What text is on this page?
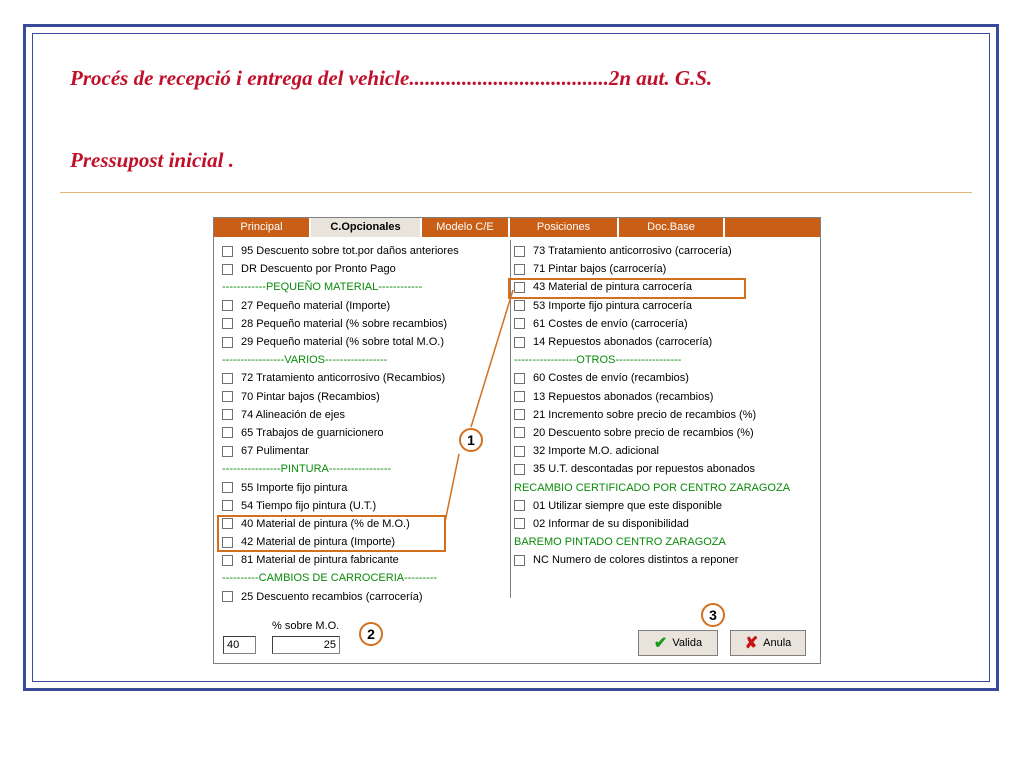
Procés de recepció i entrega del vehicle......................................2n aut. G.S.
Pressupost inicial .
Principal	C.Opcionales	Modelo C/E	Posiciones	Doc.Base
95 Descuento sobre tot.por daños anteriores
DR Descuento por Pronto Pago
------------PEQUEÑO MATERIAL------------
27 Pequeño material (Importe)
28 Pequeño material (% sobre recambios)
29 Pequeño material (% sobre total M.O.)
-----------------VARIOS-----------------
72 Tratamiento anticorrosivo (Recambios)
70 Pintar bajos (Recambios)
74 Alineación de ejes
65 Trabajos de guarnicionero
67 Pulimentar
----------------PINTURA-----------------
55 Importe fijo pintura
54 Tiempo fijo pintura (U.T.)
40 Material de pintura (% de M.O.)
42 Material de pintura (Importe)
81 Material de pintura fabricante
----------CAMBIOS DE CARROCERIA---------
25 Descuento recambios (carrocería)
73 Tratamiento anticorrosivo (carrocería)
71 Pintar bajos (carrocería)
43 Material de pintura carrocería
53 Importe fijo pintura carrocería
61 Costes de envío (carrocería)
14 Repuestos abonados (carrocería)
-----------------OTROS------------------
60 Costes de envío (recambios)
13 Repuestos abonados (recambios)
21 Incremento sobre precio de recambios (%)
20 Descuento sobre precio de recambios (%)
32 Importe M.O. adicional
35 U.T. descontadas por repuestos abonados
RECAMBIO CERTIFICADO POR CENTRO ZARAGOZA
01 Utilizar siempre que este disponible
02 Informar de su disponibilidad
BAREMO PINTADO CENTRO ZARAGOZA
NC Numero de colores distintos a reponer
% sobre M.O.
40	25	✔ Valida	✘ Anula
1
2
3
